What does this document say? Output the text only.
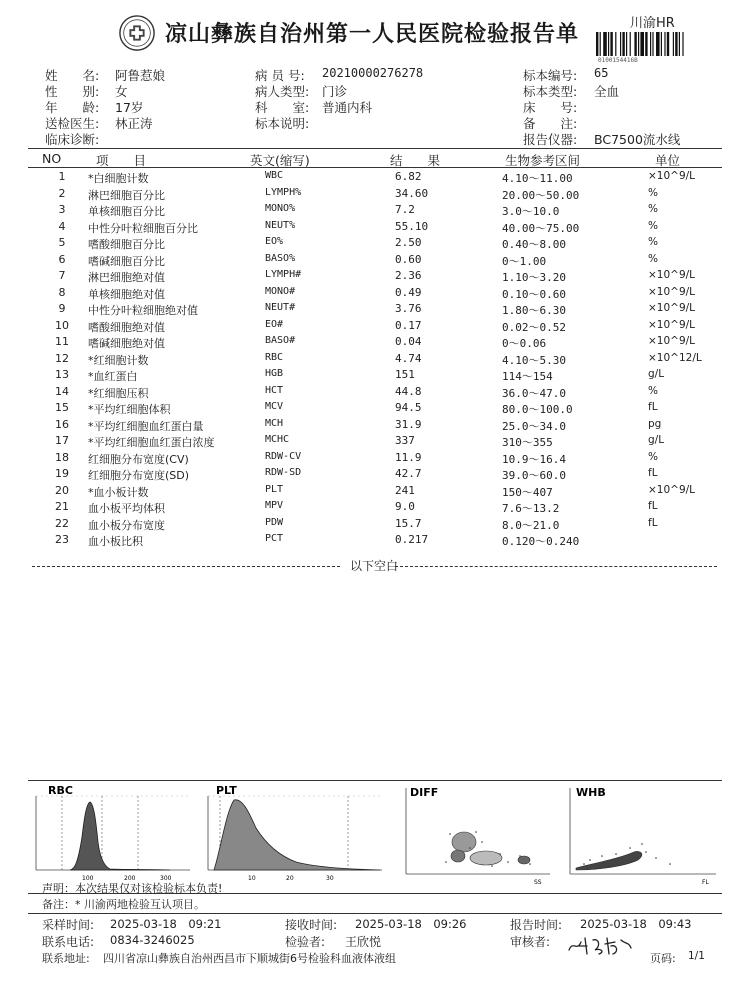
凉山彝族自治州第一人民医院检验报告单	川渝HR
0100154416B
姓　　名: 阿鲁惹娘
性　　别: 女
年　　龄: 17岁
送检医生: 林正涛
临床诊断:
病 员 号: 20210000276278
病人类型: 门诊
科　　室: 普通内科
标本说明:
标本编号: 65
标本类型: 全血
床　　号:
备　　注:
报告仪器: BC7500流水线
NO	项　　目	英文(缩写)	结　　果	生物参考区间	单位
1	*白细胞计数	WBC	6.82	4.10～11.00	×10^9/L
2	淋巴细胞百分比	LYMPH%	34.60	20.00～50.00	%
3	单核细胞百分比	MONO%	7.2	3.0～10.0	%
4	中性分叶粒细胞百分比	NEUT%	55.10	40.00～75.00	%
5	嗜酸细胞百分比	EO%	2.50	0.40～8.00	%
6	嗜碱细胞百分比	BASO%	0.60	0～1.00	%
7	淋巴细胞绝对值	LYMPH#	2.36	1.10～3.20	×10^9/L
8	单核细胞绝对值	MONO#	0.49	0.10～0.60	×10^9/L
9	中性分叶粒细胞绝对值	NEUT#	3.76	1.80～6.30	×10^9/L
10 嗜酸细胞绝对值	EO#	0.17	0.02～0.52	×10^9/L
11 嗜碱细胞绝对值	BASO#	0.04	0～0.06	×10^9/L
12 *红细胞计数	RBC	4.74	4.10～5.30	×10^12/L
13 *血红蛋白	HGB	151	114～154	g/L
14 *红细胞压积	HCT	44.8	36.0～47.0	%
15 *平均红细胞体积	MCV	94.5	80.0～100.0	fL
16 *平均红细胞血红蛋白量	MCH	31.9	25.0～34.0	pg
17 *平均红细胞血红蛋白浓度	MCHC	337	310～355	g/L
18 红细胞分布宽度(CV)	RDW-CV	11.9	10.9～16.4	%
19 红细胞分布宽度(SD)	RDW-SD	42.7	39.0～60.0	fL
20 *血小板计数	PLT	241	150～407	×10^9/L
21 血小板平均体积	MPV	9.0	7.6～13.2	fL
22 血小板分布宽度	PDW	15.7	8.0～21.0	fL
23 血小板比积	PCT	0.217	0.120～0.240
以下空白
RBC
100	200	300
PLT
10	20	30
DIFF
SS
WHB
FL
声明：本次结果仅对该检验标本负责!
备注：* 川渝两地检验互认项目。
采样时间: 2025-03-18　09:21	接收时间: 2025-03-18　09:26	报告时间: 2025-03-18　09:43
联系电话: 0834-3246025	检验者: 王欣悦	审核者:
联系地址: 四川省凉山彝族自治州西昌市下顺城街6号检验科血液体液组	页码: 1/1
